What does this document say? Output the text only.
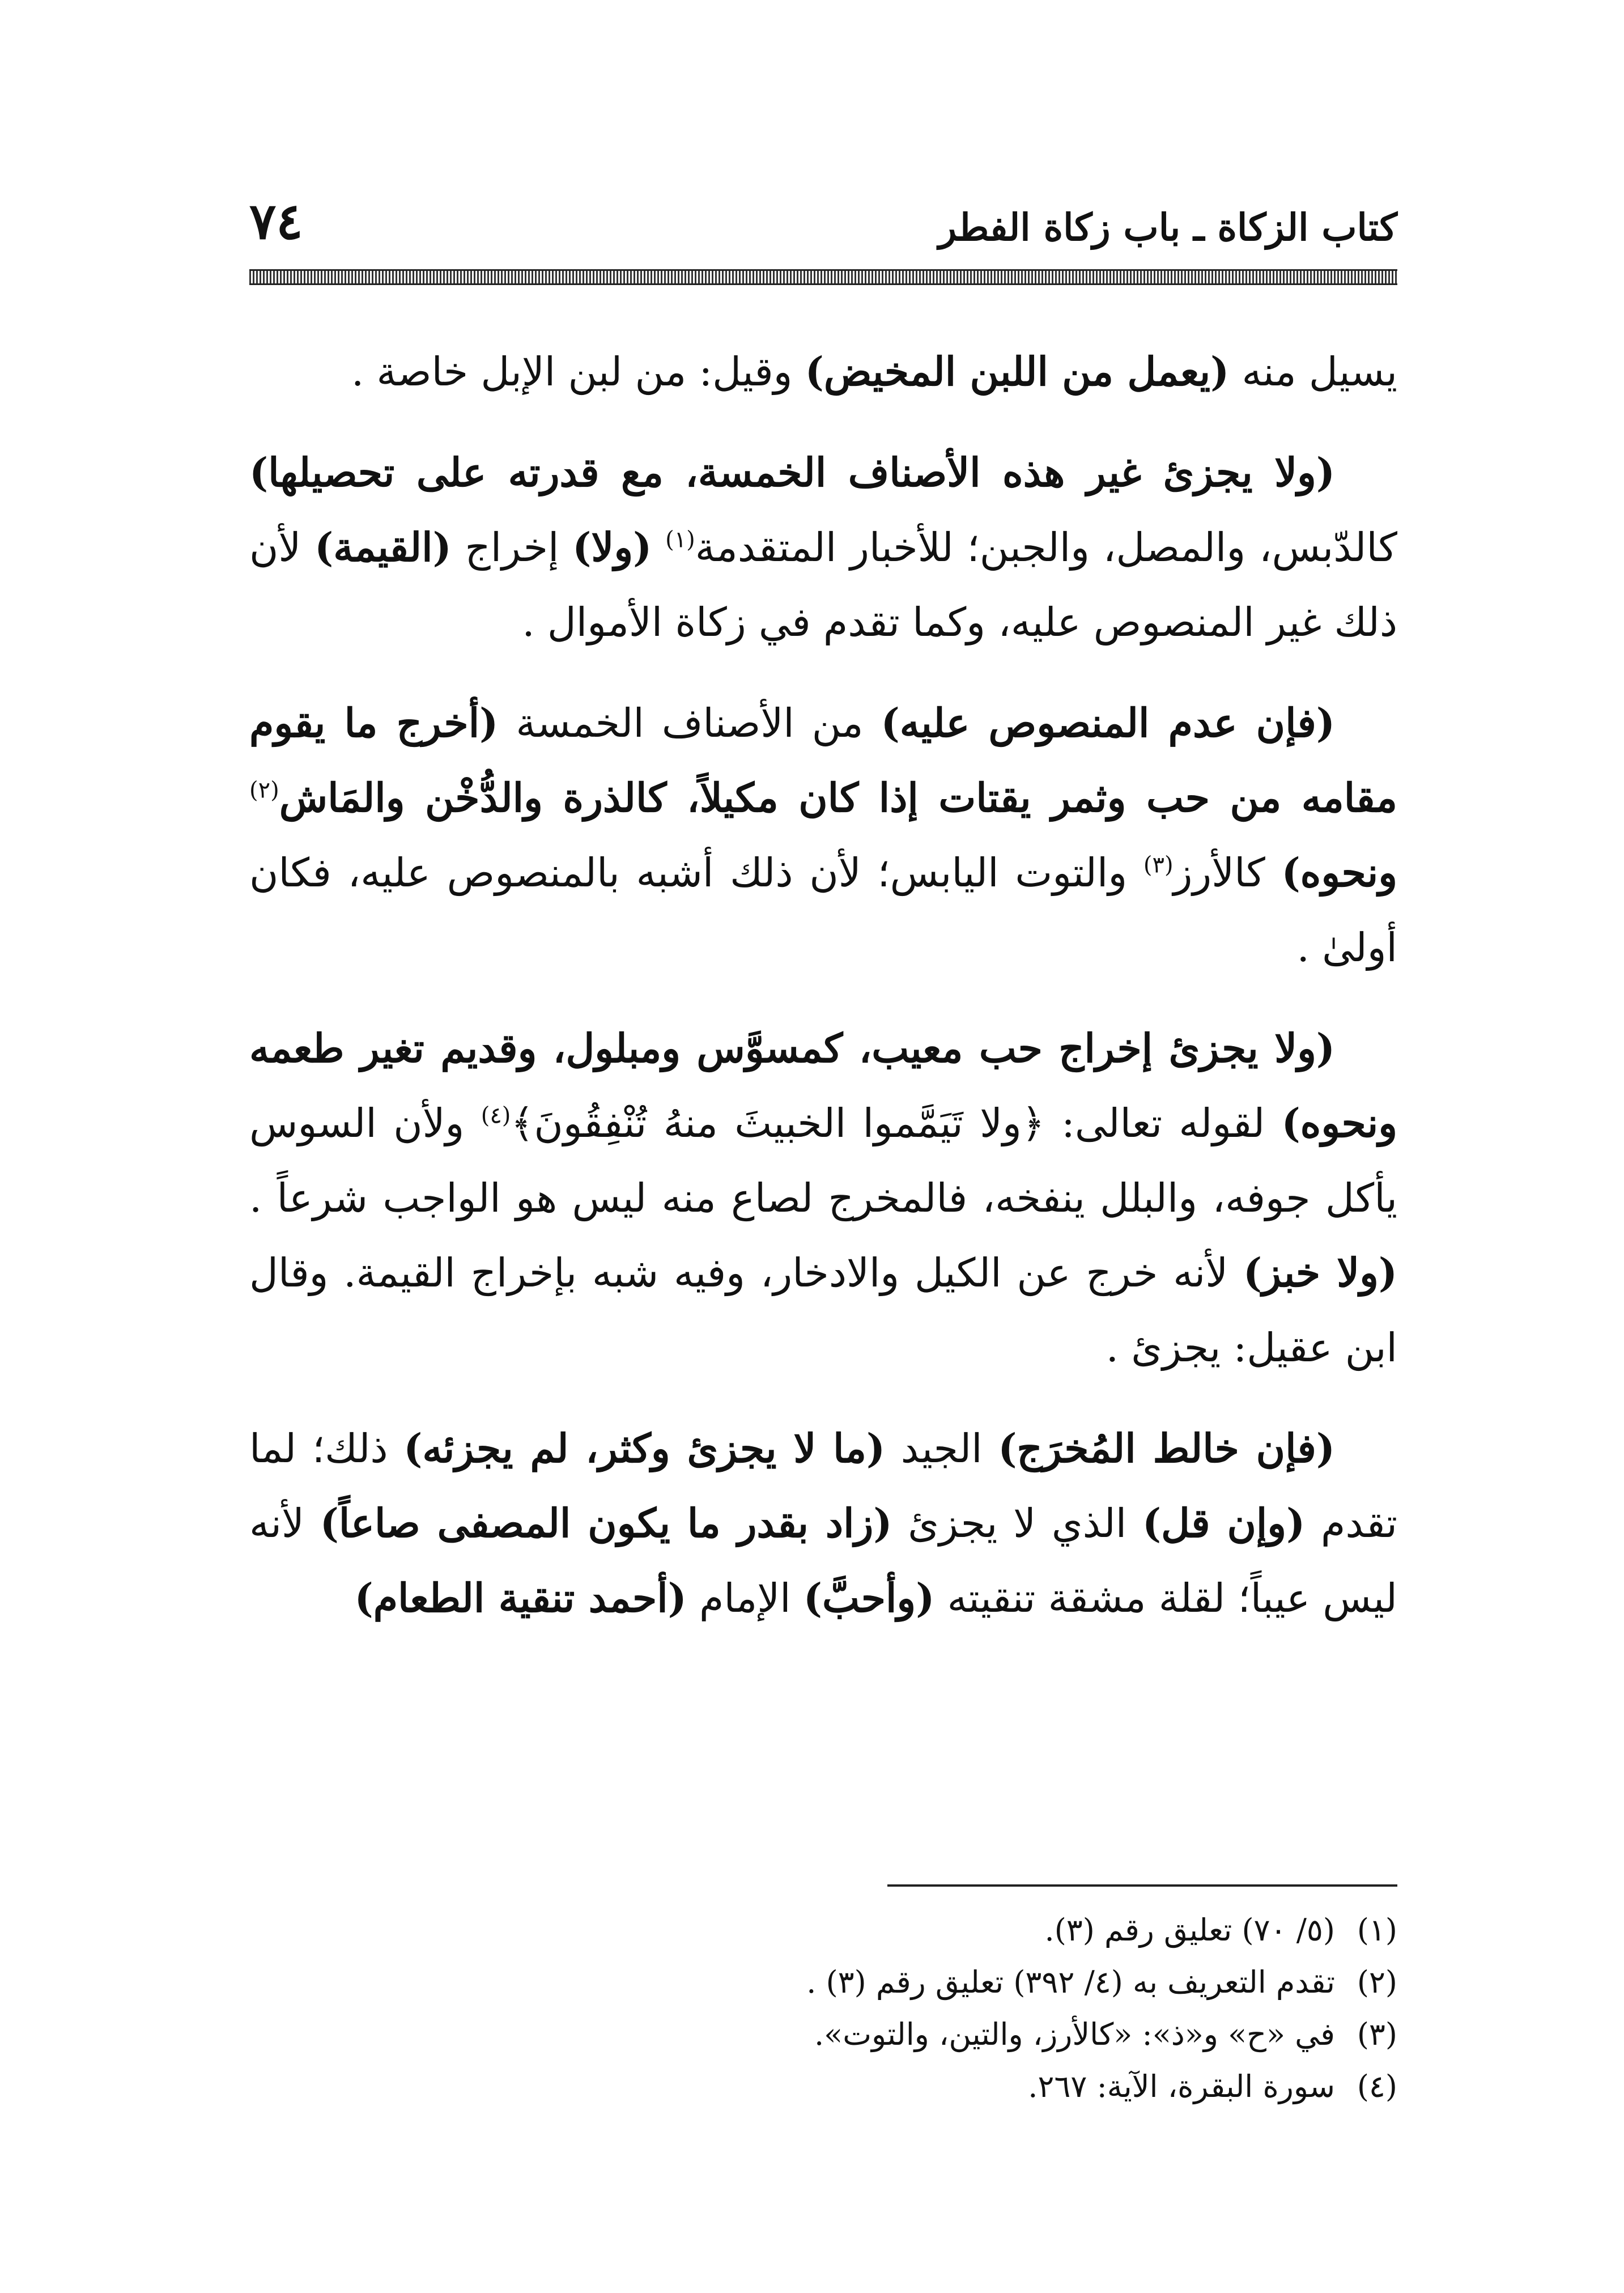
كتاب الزكاة ـ باب زكاة الفطر
٧٤

يسيل منه (يعمل من اللبن المخيض) وقيل: من لبن الإبل خاصة .

(ولا يجزئ غير هذه الأصناف الخمسة، مع قدرته على تحصيلها) كالدّبس، والمصل، والجبن؛ للأخبار المتقدمة$^{(١)}$ (ولا) إخراج (القيمة) لأن ذلك غير المنصوص عليه، وكما تقدم في زكاة الأموال .

(فإن عدم المنصوص عليه) من الأصناف الخمسة (أخرج ما يقوم مقامه من حب وثمر يقتات إذا كان مكيلاً، كالذرة والدُّخْن والمَاش$^{(٢)}$ ونحوه) كالأرز$^{(٣)}$ والتوت اليابس؛ لأن ذلك أشبه بالمنصوص عليه، فكان أولىٰ .

(ولا يجزئ إخراج حب معيب، كمسوَّس ومبلول، وقديم تغير طعمه ونحوه) لقوله تعالى: ﴿ولا تَيَمَّموا الخبيثَ منهُ تُنْفِقُونَ﴾$^{(٤)}$ ولأن السوس يأكل جوفه، والبلل ينفخه، فالمخرج لصاع منه ليس هو الواجب شرعاً .(ولا خبز) لأنه خرج عن الكيل والادخار، وفيه شبه بإخراج القيمة. وقال ابن عقيل: يجزئ .

(فإن خالط المُخرَج) الجيد (ما لا يجزئ وكثر، لم يجزئه) ذلك؛ لما تقدم (وإن قل) الذي لا يجزئ (زاد بقدر ما يكون المصفى صاعاً) لأنه ليس عيباً؛ لقلة مشقة تنقيته (وأحبَّ) الإمام (أحمد تنقية الطعام)

(١)(٥/ ٧٠) تعليق رقم (٣).
(٢)تقدم التعريف به (٤/ ٣٩٢) تعليق رقم (٣) .
(٣)في «ح» و«ذ»: «كالأرز، والتين، والتوت».
(٤)سورة البقرة، الآية: ٢٦٧.
